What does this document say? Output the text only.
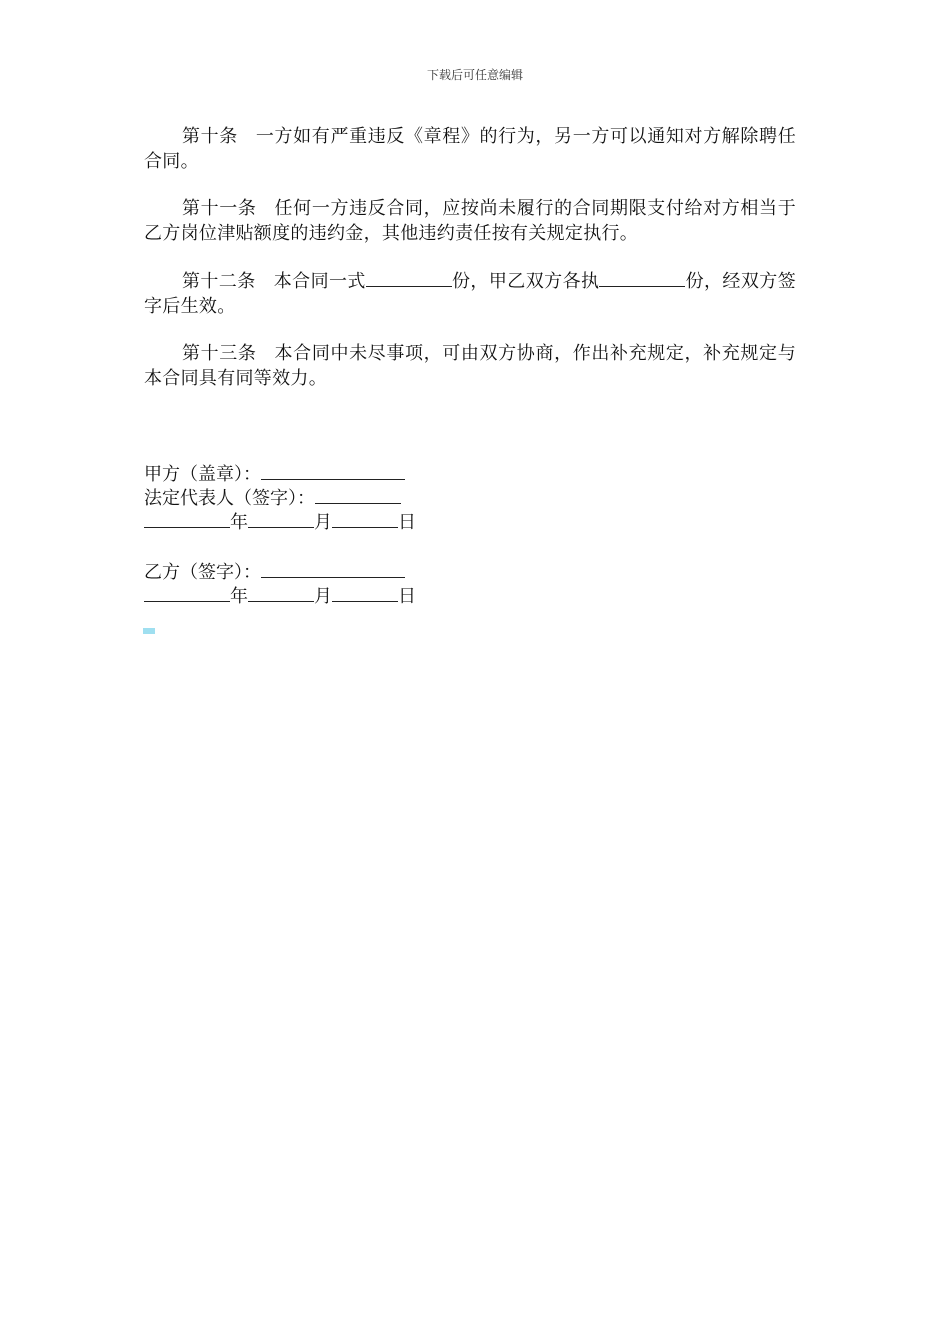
下载后可任意编辑

第十条 一方如有严重违反《章程》的行为，另一方可以通知对方解除聘任合同。

第十一条 任何一方违反合同，应按尚未履行的合同期限支付给对方相当于乙方岗位津贴额度的违约金，其他违约责任按有关规定执行。

第十二条 本合同一式	份，甲乙双方各执	份，经双方签字后生效。

第十三条 本合同中未尽事项，可由双方协商，作出补充规定，补充规定与本合同具有同等效力。

甲方（盖章）：
法定代表人（签字）：
年	月	日
乙方（签字）：
年	月	日
